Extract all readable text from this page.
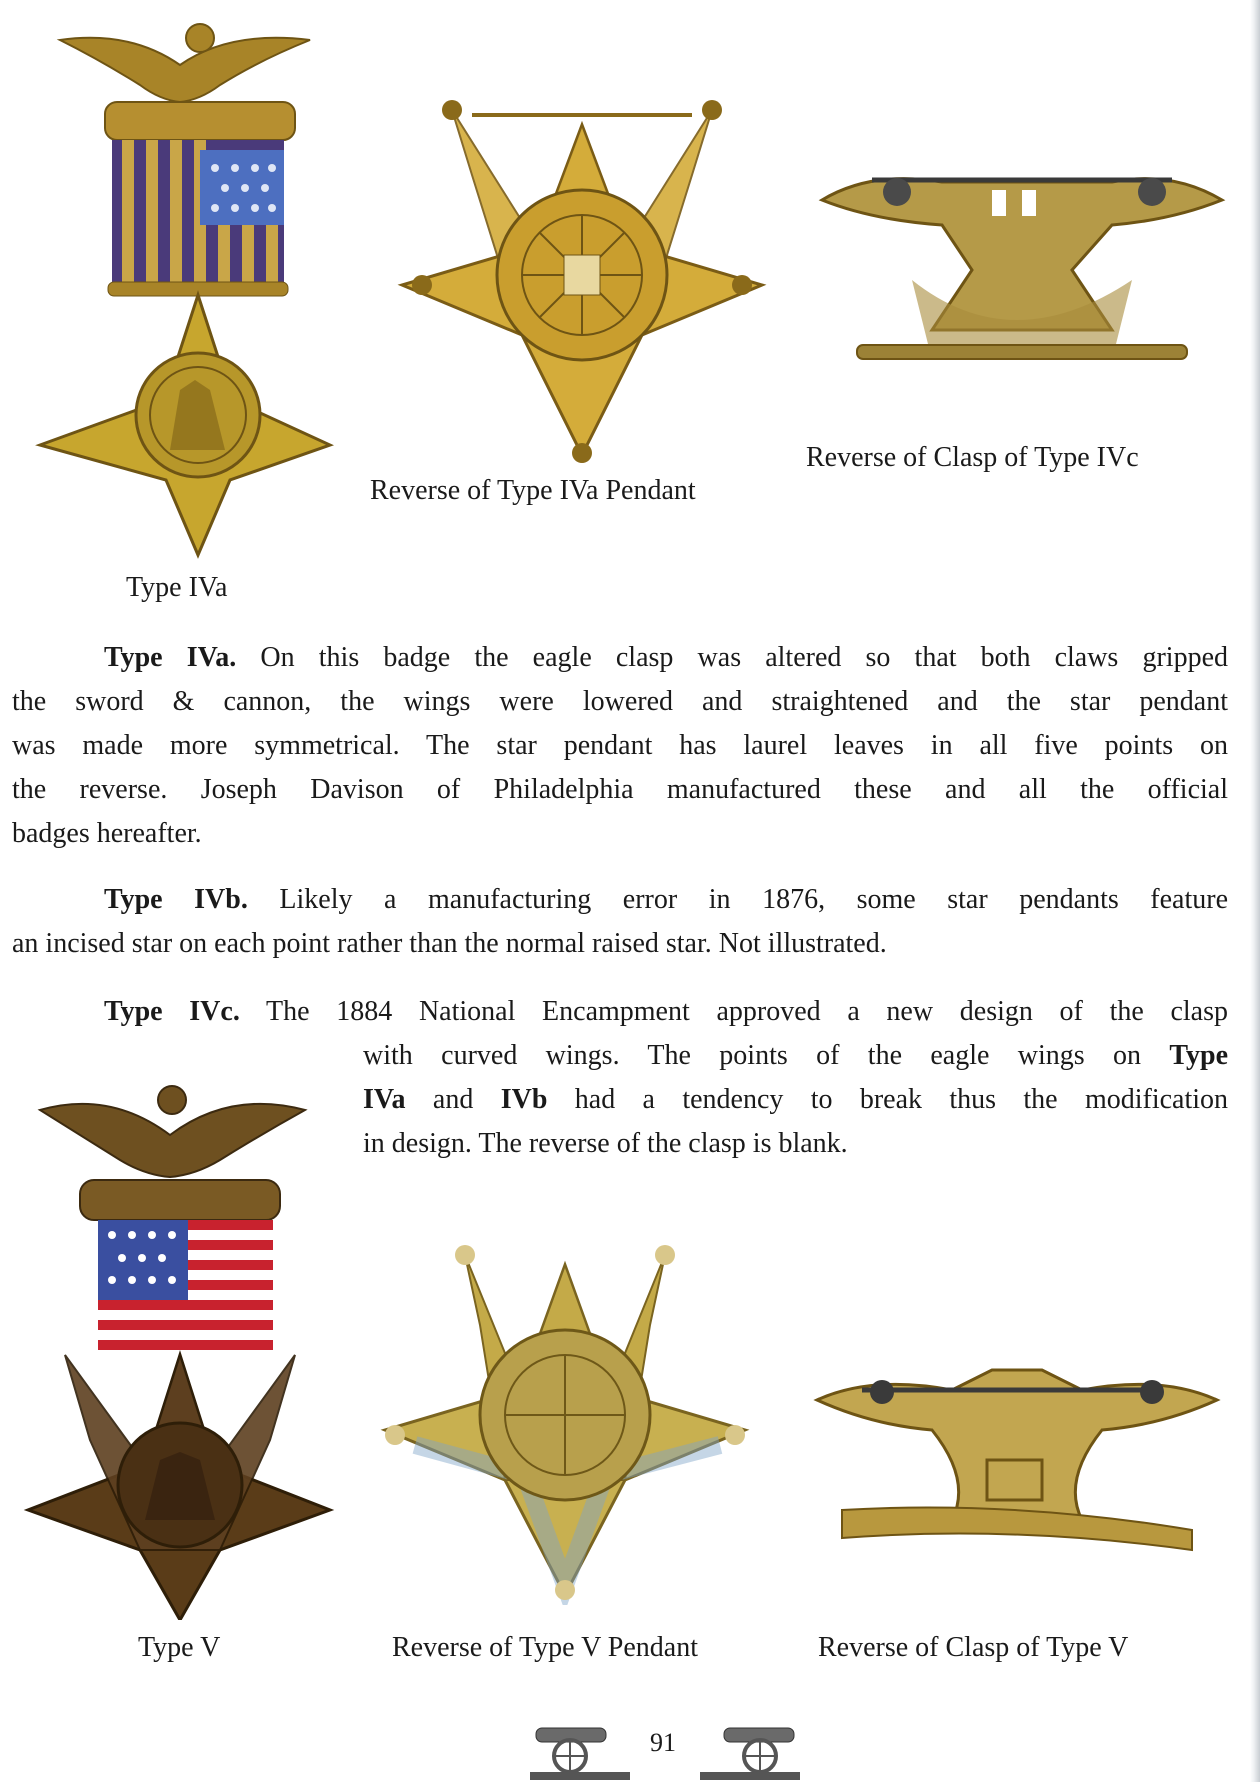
Type IVa
Reverse of Type IVa Pendant
Reverse of Clasp of Type IVc
Type IVa. On this badge the eagle clasp was altered so that both claws gripped
the sword & cannon, the wings were lowered and straightened and the star pendant
was made more symmetrical. The star pendant has laurel leaves in all five points on
the reverse. Joseph Davison of Philadelphia manufactured these and all the official
badges hereafter.
Type IVb. Likely a manufacturing error in 1876, some star pendants feature
an incised star on each point rather than the normal raised star. Not illustrated.
Type IVc. The 1884 National Encampment approved a new design of the clasp
with curved wings. The points of the eagle wings on Type
IVa and IVb had a tendency to break thus the modification
in design. The reverse of the clasp is blank.
Type V	Reverse of Type V Pendant	Reverse of Clasp of Type V
91
